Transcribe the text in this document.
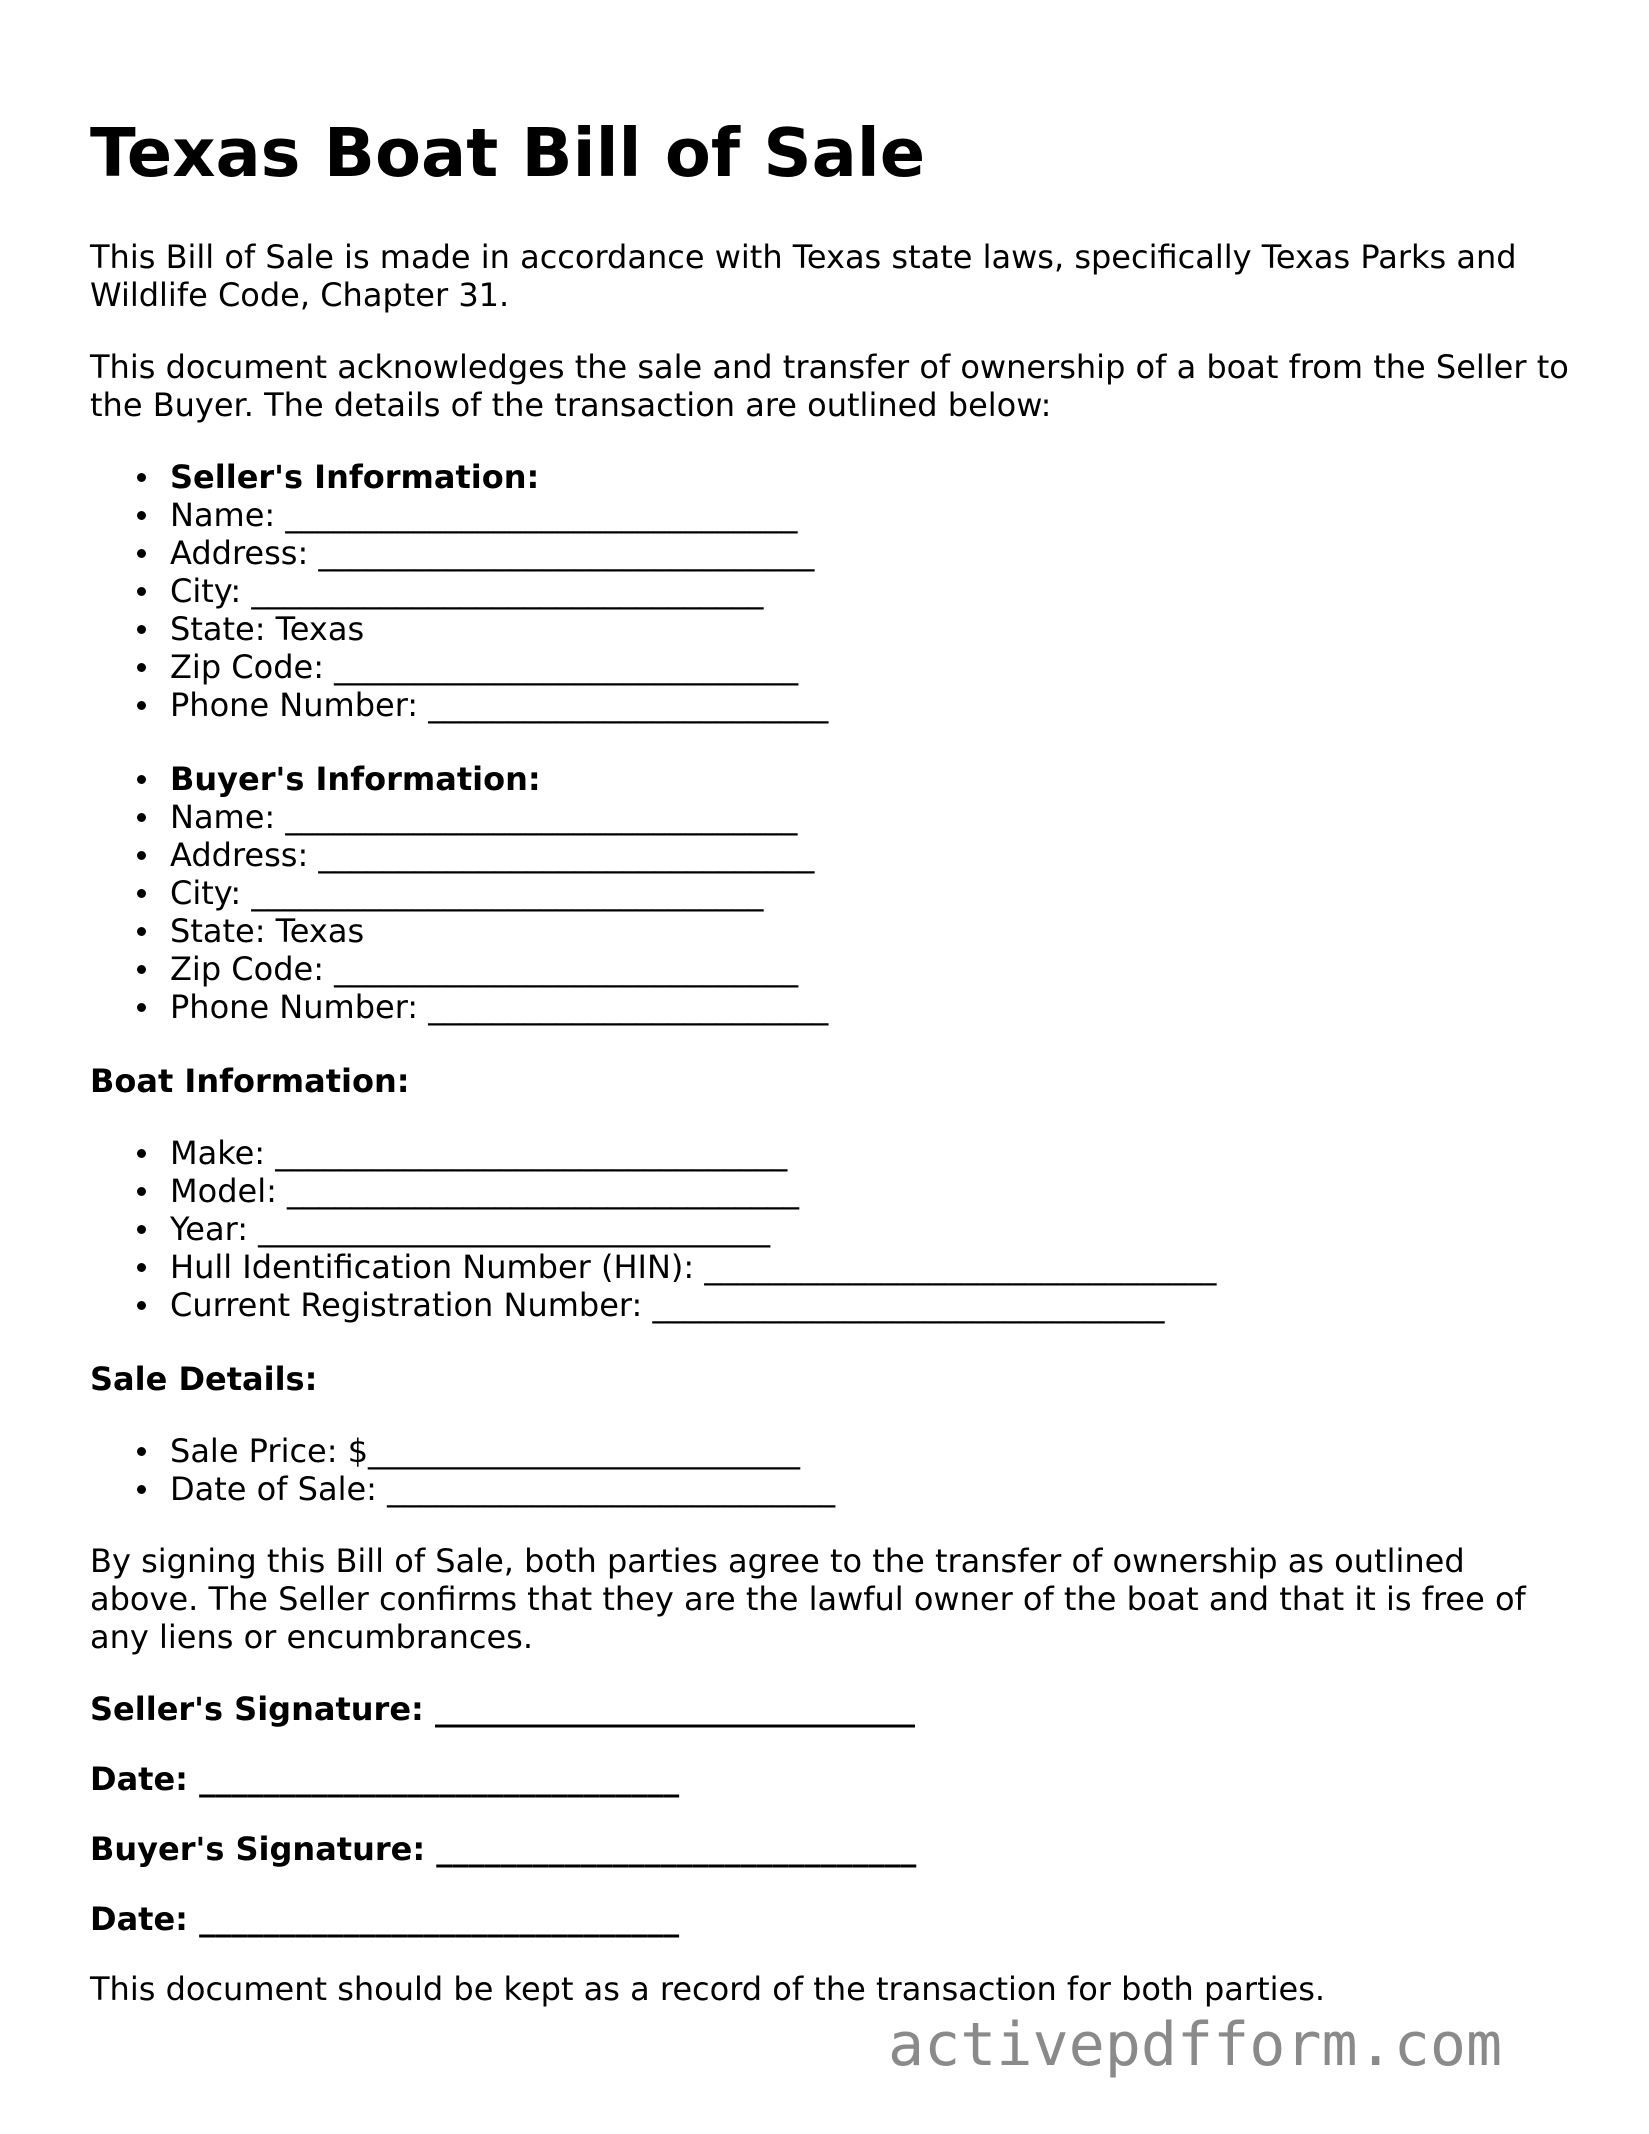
Texas Boat Bill of Sale
This Bill of Sale is made in accordance with Texas state laws, specifically Texas Parks and Wildlife Code, Chapter 31.
This document acknowledges the sale and transfer of ownership of a boat from the Seller to the Buyer. The details of the transaction are outlined below:
Seller's Information:
Name: ________________________________
Address: _______________________________
City: ________________________________
State: Texas
Zip Code: _____________________________
Phone Number: _________________________
Buyer's Information:
Name: ________________________________
Address: _______________________________
City: ________________________________
State: Texas
Zip Code: _____________________________
Phone Number: _________________________
Boat Information:
Make: ________________________________
Model: ________________________________
Year: ________________________________
Hull Identification Number (HIN): ________________________________
Current Registration Number: ________________________________
Sale Details:
Sale Price: $___________________________
Date of Sale: ____________________________
By signing this Bill of Sale, both parties agree to the transfer of ownership as outlined above. The Seller confirms that they are the lawful owner of the boat and that it is free of any liens or encumbrances.
Seller's Signature: ______________________________
Date: ______________________________
Buyer's Signature: ______________________________
Date: ______________________________
This document should be kept as a record of the transaction for both parties.
activepdfform.com
